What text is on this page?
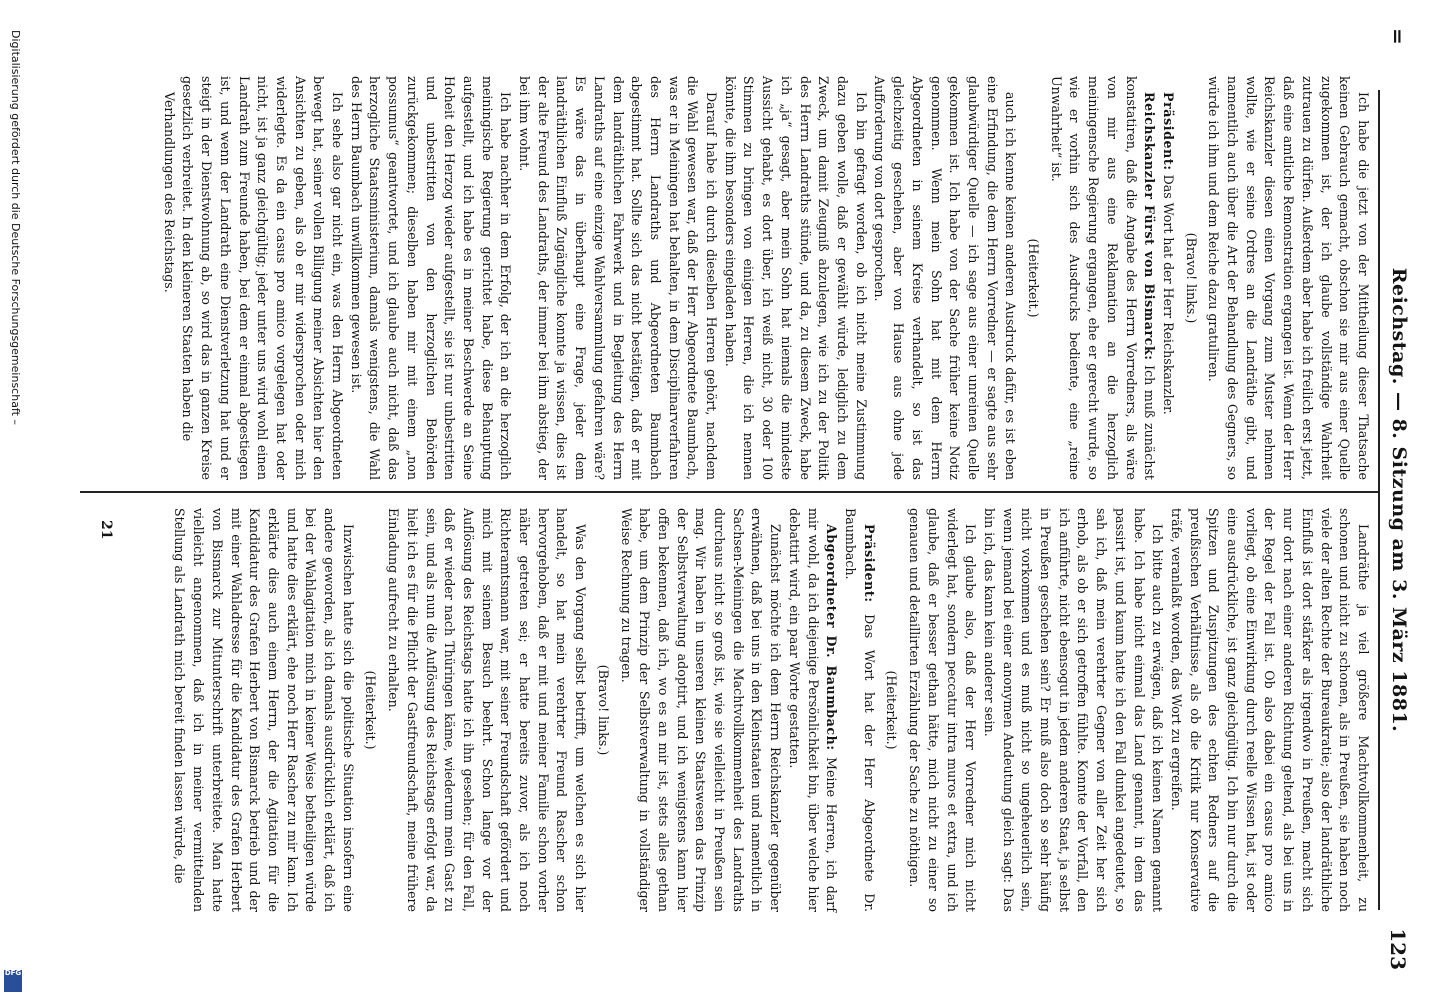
=
Reichstag. — 8. Sitzung am 3. März 1881.
123

Ich habe die jetzt von der Mittheilung dieser Thatsache keinen Gebrauch gemacht, obschon sie mir aus einer Quelle zugekommen ist, der ich glaube vollständige Wahrheit zutrauen zu dürfen. Außerdem aber habe ich freilich erst jetzt, daß eine amtliche Remonstration ergangen ist. Wenn der Herr Reichskanzler diesen einen Vorgang zum Muster nehmen wollte, wie er seine Ordres an die Landräthe gibt, und namentlich auch über die Art der Behandlung des Gegners, so würde ich ihm und dem Reiche dazu gratuliren.

(Bravo! links.)

Präsident: Das Wort hat der Herr Reichskanzler.

Reichskanzler Fürst von Bismarck: Ich muß zunächst konstatiren, daß die Angabe des Herrn Vorredners, als wäre von mir aus eine Reklamation an die herzoglich meiningensche Regierung ergangen, ehe er gerecht wurde, so wie er vorhin sich des Ausdrucks bediente, eine „reine Unwahrheit“ ist.

(Heiterkeit.)

auch ich kenne keinen anderen Ausdruck dafür, es ist eben eine Erfindung, die dem Herrn Vorredner — er sagte aus sehr glaubwürdiger Quelle — ich sage aus einer unreinen Quelle gekommen ist. Ich habe von der Sache früher keine Notiz genommen. Wenn mein Sohn hat mit dem Herrn Abgeordneten in seinem Kreise verhandelt, so ist das gleichzeitig geschehen, aber von Hause aus ohne jede Aufforderung von dort gesprochen.

Ich bin gefragt worden, ob ich nicht meine Zustimmung dazu geben wolle, daß er gewählt würde, lediglich zu dem Zweck, um damit Zeugniß abzulegen, wie ich zu der Politik des Herrn Landraths stünde, und da, zu diesem Zweck, habe ich „ja“ gesagt, aber mein Sohn hat niemals die mindeste Aussicht gehabt, es dort über, ich weiß nicht, 30 oder 100 Stimmen zu bringen von einigen Herren, die ich nennen könnte, die ihm besonders eingeladen haben.

Darauf habe ich durch dieselben Herren gehört, nachdem die Wahl gewesen war, daß der Herr Abgeordnete Baumbach, was er in Meiningen hat behalten, in dem Disciplinarverfahren des Herrn Landraths und Abgeordneten Baumbach abgestimmt hat. Sollte sich das nicht bestätigen, daß er mit dem landräthlichen Fahrwerk und in Begleitung des Herrn Landraths auf eine einzige Wahlversammlung gefahren wäre? Es wäre das in überhaupt eine Frage, jeder dem landräthlichen Einfluß Zugängliche konnte ja wissen, dies ist der alte Freund des Landraths, der immer bei ihm abstieg, der bei ihm wohnt.

Ich habe nachher in dem Erfolg, der ich an die herzoglich meiningische Regierung gerichtet habe, diese Behauptung aufgestellt, und ich habe es in meiner Beschwerde an Seine Hoheit den Herzog wieder aufgestellt, sie ist nur unbestritten und unbestritten von den herzoglichen Behörden zurückgekommen; dieselben haben mir mit einem „non possumus“ geantwortet, und ich glaube auch nicht, daß das herzogliche Staatsministerium, damals wenigstens, die Wahl des Herrn Baumbach unwillkommen gewesen ist.

Ich sehe also gar nicht ein, was den Herrn Abgeordneten bewegt hat, seiner vollen Billigung meiner Absichten hier den Ansichten zu geben, als ob er mir widersprochen oder mich widerlegte. Es da ein casus pro amico vorgelegen hat oder nicht, ist ja ganz gleichgültig; jeder unter uns wird wohl einen Landrath zum Freunde haben, bei dem er einmal abgestiegen ist, und wenn der Landrath eine Dienstverletzung hat und er steigt in der Dienstwohnung ab, so wird das in ganzen Kreise gesetzlich verbreitet. In den kleineren Staaten haben die

Verhandlungen des Reichstags.

Landräthe ja viel größere Machtvollkommenheit, zu schonen und nicht zu schonen, als in Preußen, sie haben noch viele der alten Rechte der Bureaukratie; also der landräthliche Einfluß ist dort stärker als irgendwo in Preußen, macht sich nur dort nach einer anderen Richtung geltend, als bei uns in der Regel der Fall ist. Ob also dabei ein casus pro amico vorliegt, ob eine Einwirkung durch reelle Wissen hat, ist oder eine ausdrückliche, ist ganz gleichgültig. Ich bin nur durch die Spitzen und Zuspitzungen des echten Redners auf die preußischen Verhältnisse, als ob die Kritik nur Konservative träfe, veranlaßt worden, das Wort zu ergreifen.

Ich bitte auch zu erwägen, daß ich keinen Namen genannt habe. Ich habe nicht einmal das Land genannt, in dem das passirt ist, und kaum hatte ich den Fall dunkel angedeutet, so sah ich, daß mein verehrter Gegner von aller Zeit her sich erhob, als ob er sich getroffen fühlte. Konnte der Vorfall, den ich anführte, nicht ebensogut in jedem anderen Staat, ja selbst in Preußen geschehen sein? Er muß also doch so sehr häufig nicht vorkommen und es muß nicht so ungeheuerlich sein, wenn jemand bei einer anonymen Andeutung gleich sagt: Das bin ich, das kann kein anderer sein.

Ich glaube also, daß der Herr Vorredner mich nicht widerlegt hat, sondern peccatur intra muros et extra, und ich glaube, daß er besser gethan hätte, mich nicht zu einer so genauen und detaillirten Erzählung der Sache zu nöthigen.

(Heiterkeit.)

Präsident: Das Wort hat der Herr Abgeordnete Dr. Baumbach.

Abgeordneter Dr. Baumbach: Meine Herren, ich darf mir wohl, da ich diejenige Persönlichkeit bin, über welche hier debattirt wird, ein paar Worte gestatten.

Zunächst möchte ich dem Herrn Reichskanzler gegenüber erwähnen, daß bei uns in den Kleinstaaten und namentlich in Sachsen-Meiningen die Machtvollkommenheit des Landraths durchaus nicht so groß ist, wie sie vielleicht in Preußen sein mag. Wir haben in unseren kleinen Staatswesen das Prinzip der Selbstverwaltung adoptirt, und ich wenigstens kann hier offen bekennen, daß ich, wo es an mir ist, stets alles gethan habe, um dem Prinzip der Selbstverwaltung in vollständiger Weise Rechnung zu tragen.

(Bravo! links.)

Was den Vorgang selbst betrifft, um welchen es sich hier handelt, so hat mein verehrter Freund Rascher schon hervorgehoben, daß er mit und meiner Familie schon vorher näher getreten sei; er hatte bereits zuvor, als ich noch Richteramtsmann war, mit seiner Freundschaft gefördert und mich mit seinem Besuch beehrt. Schon lange vor der Auflösung des Reichstags hatte ich ihn gesehen; für den Fall, daß er wieder nach Thüringen käme, wiederum mein Gast zu sein, und als nun die Auflösung des Reichstags erfolgt war, da hielt ich es für die Pflicht der Gastfreundschaft, meine frühere Einladung aufrecht zu erhalten.

(Heiterkeit.)

Inzwischen hatte sich die politische Situation insofern eine andere geworden, als ich damals ausdrücklich erklärt, daß ich bei der Wahlagitation mich in keiner Weise betheiligen würde und hatte dies erklärt, ehe noch Herr Rascher zu mir kam. Ich erklärte dies auch einem Herrn, der die Agitation für die Kandidatur des Grafen Herbert von Bismarck betrieb und der mit einer Wahladresse für die Kandidatur des Grafen Herbert von Bismarck zur Mitunterschrift unterbreitete. Man hatte vielleicht angenommen, daß ich in meiner vermittelnden Stellung als Landrath mich bereit finden lassen würde, die

21
Digitalisierung gefördert durch die Deutsche Forschungsgemeinschaft –
DFG
